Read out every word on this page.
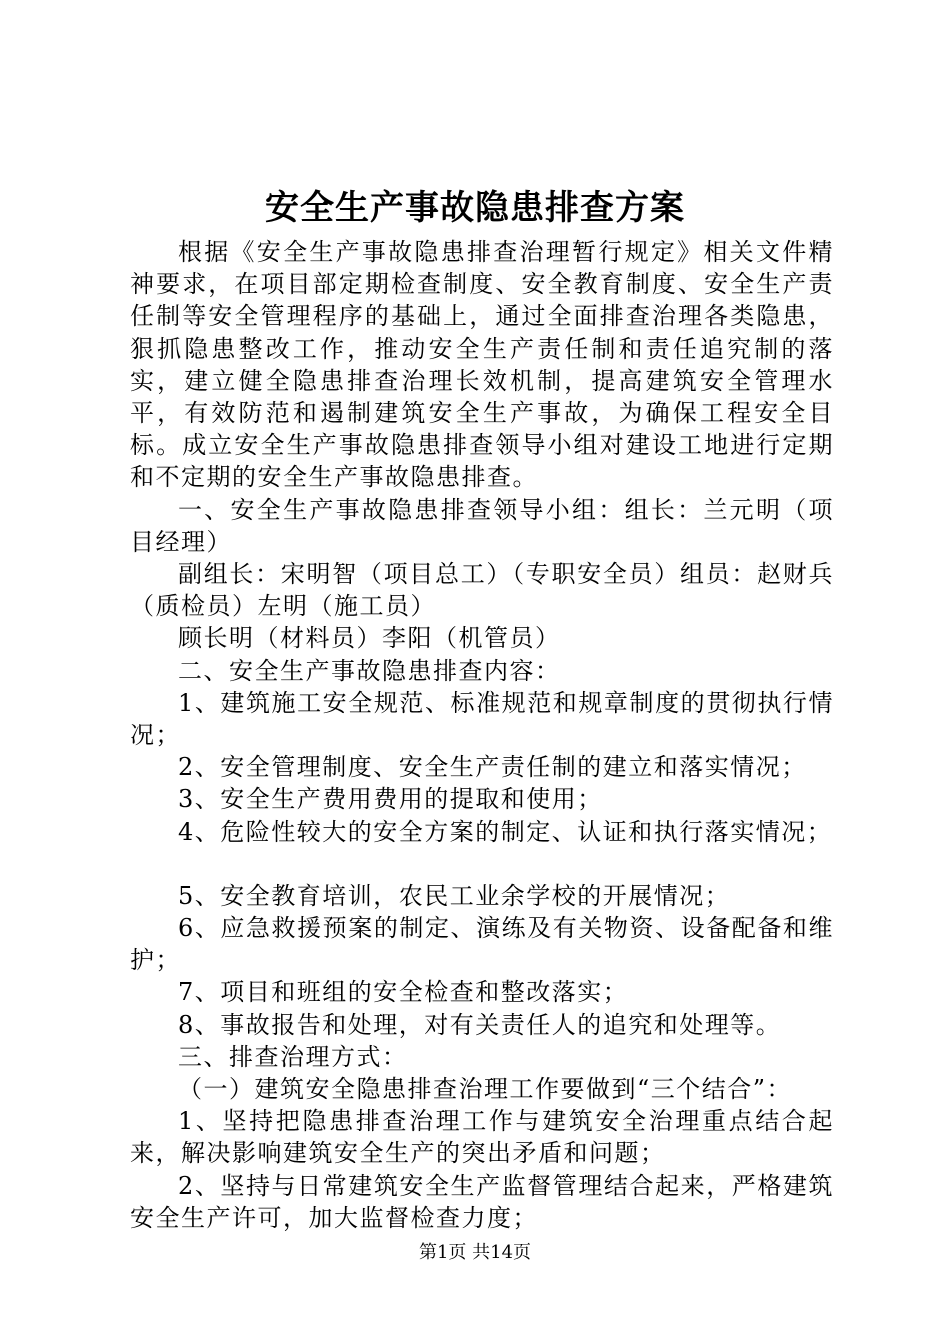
安全生产事故隐患排查方案

根据《安全生产事故隐患排查治理暂行规定》相关文件精神要求，在项目部定期检查制度、安全教育制度、安全生产责任制等安全管理程序的基础上，通过全面排查治理各类隐患，狠抓隐患整改工作，推动安全生产责任制和责任追究制的落实，建立健全隐患排查治理长效机制，提高建筑安全管理水平，有效防范和遏制建筑安全生产事故，为确保工程安全目标。成立安全生产事故隐患排查领导小组对建设工地进行定期和不定期的安全生产事故隐患排查。

一、安全生产事故隐患排查领导小组：组长：兰元明（项目经理）

副组长：宋明智（项目总工）（专职安全员）组员：赵财兵（质检员）左明（施工员）

顾长明（材料员）李阳（机管员）

二、安全生产事故隐患排查内容：

1、建筑施工安全规范、标准规范和规章制度的贯彻执行情况；

2、安全管理制度、安全生产责任制的建立和落实情况；

3、安全生产费用费用的提取和使用；

4、危险性较大的安全方案的制定、认证和执行落实情况；

5、安全教育培训，农民工业余学校的开展情况；

6、应急救援预案的制定、演练及有关物资、设备配备和维护；

7、项目和班组的安全检查和整改落实；

8、事故报告和处理，对有关责任人的追究和处理等。

三、排查治理方式：

（一）建筑安全隐患排查治理工作要做到“三个结合”：

1、坚持把隐患排查治理工作与建筑安全治理重点结合起来，解决影响建筑安全生产的突出矛盾和问题；

2、坚持与日常建筑安全生产监督管理结合起来，严格建筑安全生产许可，加大监督检查力度；

第1页 共14页
